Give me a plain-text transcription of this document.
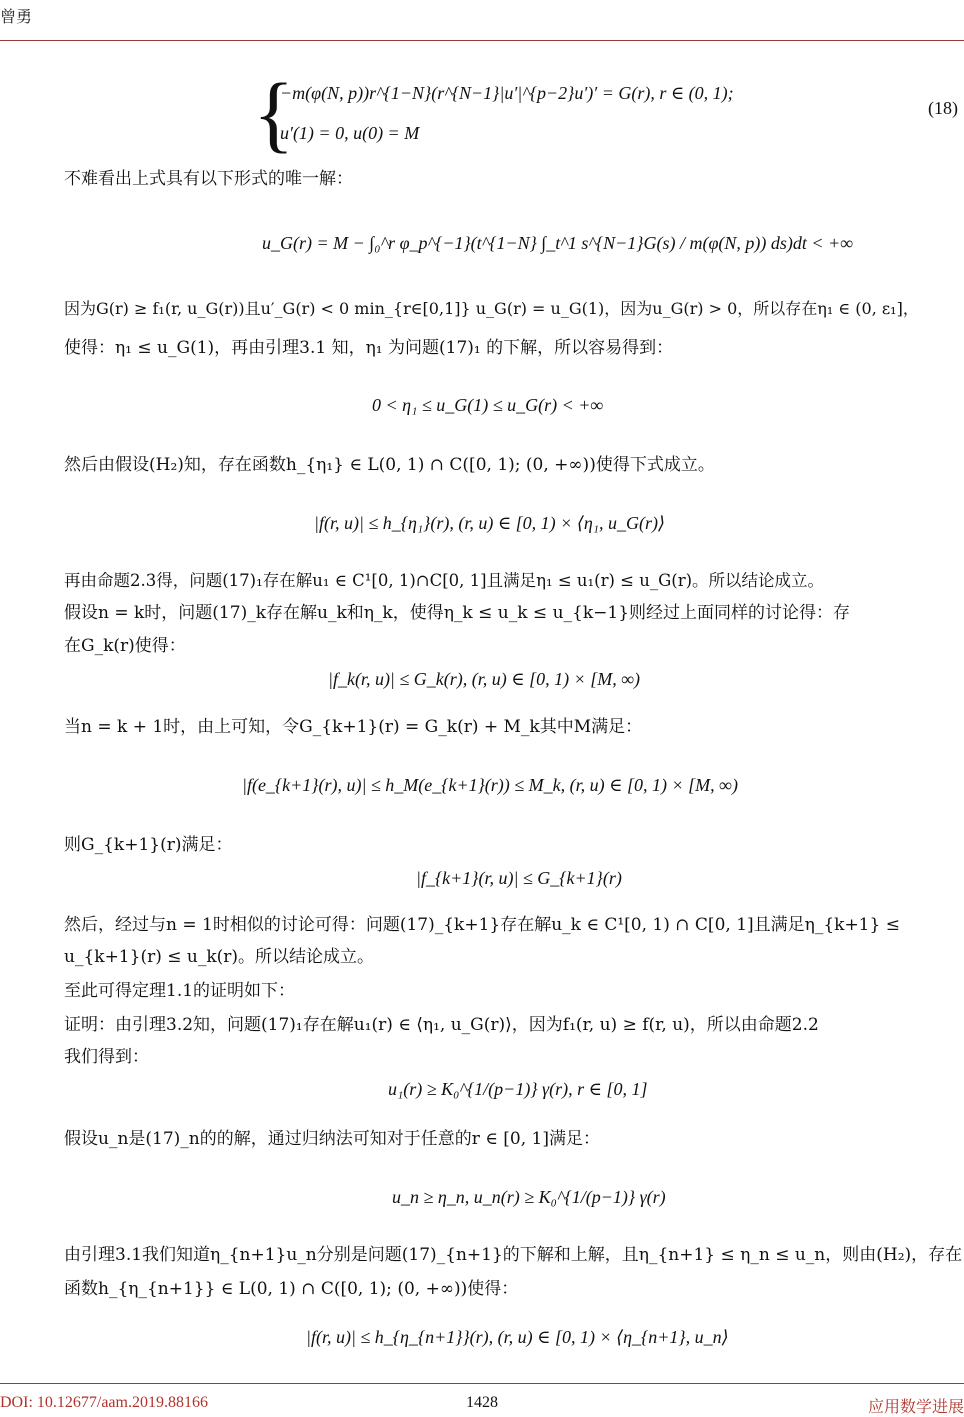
曾勇
{
−m(φ(N, p))r^{1−N}(r^{N−1}|u′|^{p−2}u′)′ = G(r), r ∈ (0, 1);
u′(1) = 0, u(0) = M
(18)
不难看出上式具有以下形式的唯一解：
u_G(r) = M − ∫₀^r φ_p^{−1}(t^{1−N} ∫_t^1 s^{N−1}G(s) / m(φ(N, p)) ds)dt < +∞
因为G(r) ≥ f₁(r, u_G(r))且u′_G(r) < 0 min_{r∈[0,1]} u_G(r) = u_G(1)，因为u_G(r) > 0，所以存在η₁ ∈ (0, ε₁]，
使得：η₁ ≤ u_G(1)，再由引理3.1 知，η₁ 为问题(17)₁ 的下解，所以容易得到：
0 < η₁ ≤ u_G(1) ≤ u_G(r) < +∞
然后由假设(H₂)知，存在函数h_{η₁} ∈ L(0, 1) ∩ C([0, 1); (0, +∞))使得下式成立。
|f(r, u)| ≤ h_{η₁}(r), (r, u) ∈ [0, 1) × ⟨η₁, u_G(r)⟩
再由命题2.3得，问题(17)₁存在解u₁ ∈ C¹[0, 1)∩C[0, 1]且满足η₁ ≤ u₁(r) ≤ u_G(r)。所以结论成立。
假设n = k时，问题(17)_k存在解u_k和η_k，使得η_k ≤ u_k ≤ u_{k−1}则经过上面同样的讨论得：存
在G_k(r)使得：
|f_k(r, u)| ≤ G_k(r), (r, u) ∈ [0, 1) × [M, ∞)
当n = k + 1时，由上可知，令G_{k+1}(r) = G_k(r) + M_k其中M满足：
|f(e_{k+1}(r), u)| ≤ h_M(e_{k+1}(r)) ≤ M_k, (r, u) ∈ [0, 1) × [M, ∞)
则G_{k+1}(r)满足：
|f_{k+1}(r, u)| ≤ G_{k+1}(r)
然后，经过与n = 1时相似的讨论可得：问题(17)_{k+1}存在解u_k ∈ C¹[0, 1) ∩ C[0, 1]且满足η_{k+1} ≤
u_{k+1}(r) ≤ u_k(r)。所以结论成立。
至此可得定理1.1的证明如下：
证明：由引理3.2知，问题(17)₁存在解u₁(r) ∈ ⟨η₁, u_G(r)⟩，因为f₁(r, u) ≥ f(r, u)，所以由命题2.2
我们得到：
u₁(r) ≥ K₀^{1/(p−1)} γ(r), r ∈ [0, 1]
假设u_n是(17)_n的的解，通过归纳法可知对于任意的r ∈ [0, 1]满足：
u_n ≥ η_n, u_n(r) ≥ K₀^{1/(p−1)} γ(r)
由引理3.1我们知道η_{n+1}u_n分别是问题(17)_{n+1}的下解和上解，且η_{n+1} ≤ η_n ≤ u_n，则由(H₂)，存在
函数h_{η_{n+1}} ∈ L(0, 1) ∩ C([0, 1); (0, +∞))使得：
|f(r, u)| ≤ h_{η_{n+1}}(r), (r, u) ∈ [0, 1) × ⟨η_{n+1}, u_n⟩
DOI: 10.12677/aam.2019.88166	1428	应用数学进展
